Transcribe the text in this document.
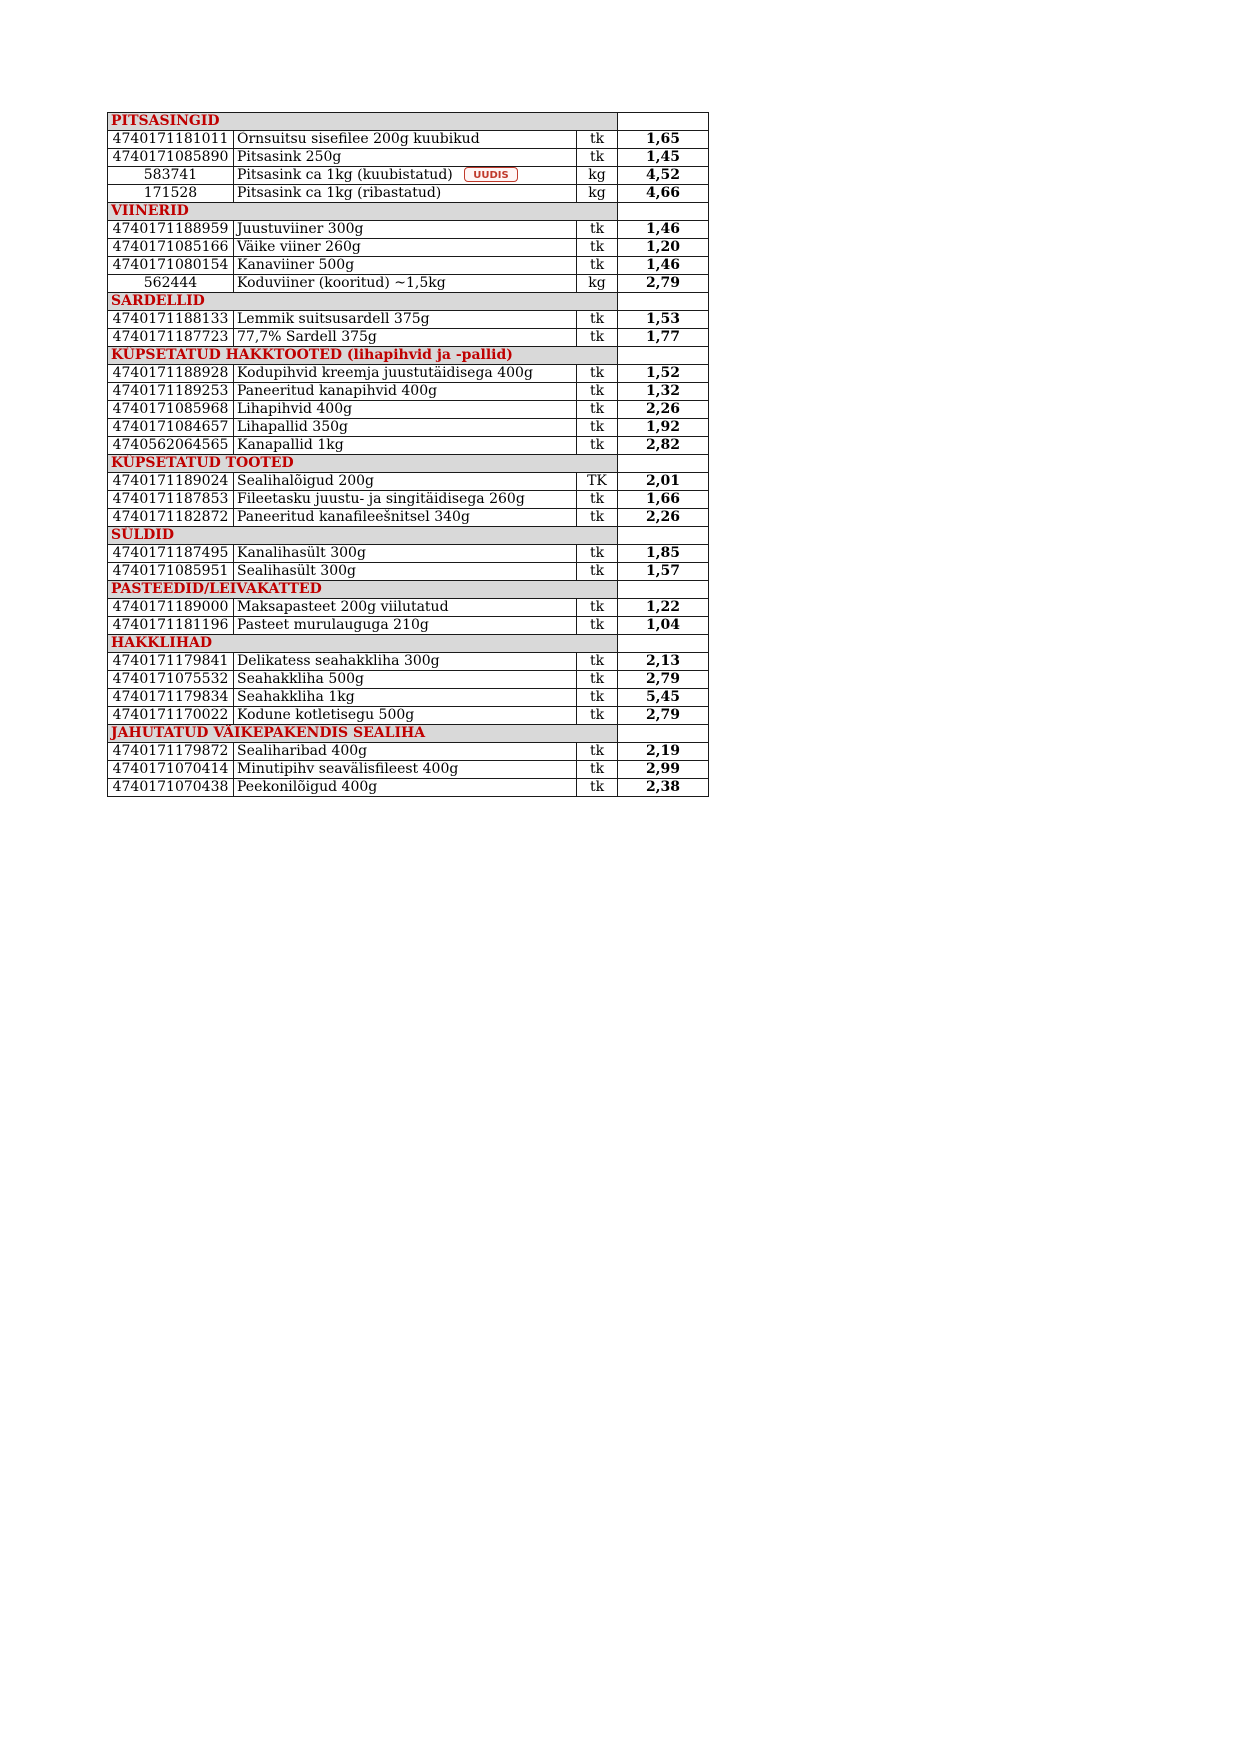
PITSASINGID			
4740171181011	Õrnsuitsu sisefilee 200g kuubikud	tk	1,65
4740171085890	Pitsasink 250g	tk	1,45
583741	Pitsasink ca 1kg (kuubistatud) UUDIS	kg	4,52
171528	Pitsasink ca 1kg (ribastatud)	kg	4,66
VIINERID			
4740171188959	Juustuviiner 300g	tk	1,46
4740171085166	Väike viiner 260g	tk	1,20
4740171080154	Kanaviiner 500g	tk	1,46
562444	Koduviiner (kooritud) ~1,5kg	kg	2,79
SARDELLID			
4740171188133	Lemmik suitsusardell 375g	tk	1,53
4740171187723	77,7% Sardell 375g	tk	1,77
KÜPSETATUD HAKKTOOTED (lihapihvid ja -pallid)			
4740171188928	Kodupihvid kreemja juustutäidisega 400g	tk	1,52
4740171189253	Paneeritud kanapihvid 400g	tk	1,32
4740171085968	Lihapihvid 400g	tk	2,26
4740171084657	Lihapallid 350g	tk	1,92
4740562064565	Kanapallid 1kg	tk	2,82
KÜPSETATUD TOOTED			
4740171189024	Sealihalõigud 200g	TK	2,01
4740171187853	Fileetasku juustu- ja singitäidisega 260g	tk	1,66
4740171182872	Paneeritud kanafileešnitsel 340g	tk	2,26
SÜLDID			
4740171187495	Kanalihasült 300g	tk	1,85
4740171085951	Sealihasült 300g	tk	1,57
PASTEEDID/LEIVAKATTED			
4740171189000	Maksapasteet 200g viilutatud	tk	1,22
4740171181196	Pasteet murulauguga 210g	tk	1,04
HAKKLIHAD			
4740171179841	Delikatess seahakkliha 300g	tk	2,13
4740171075532	Seahakkliha 500g	tk	2,79
4740171179834	Seahakkliha 1kg	tk	5,45
4740171170022	Kodune kotletisegu 500g	tk	2,79
JAHUTATUD VÄIKEPAKENDIS SEALIHA			
4740171179872	Sealiharibad 400g	tk	2,19
4740171070414	Minutipihv seavälisfileest 400g	tk	2,99
4740171070438	Peekonilõigud 400g	tk	2,38
